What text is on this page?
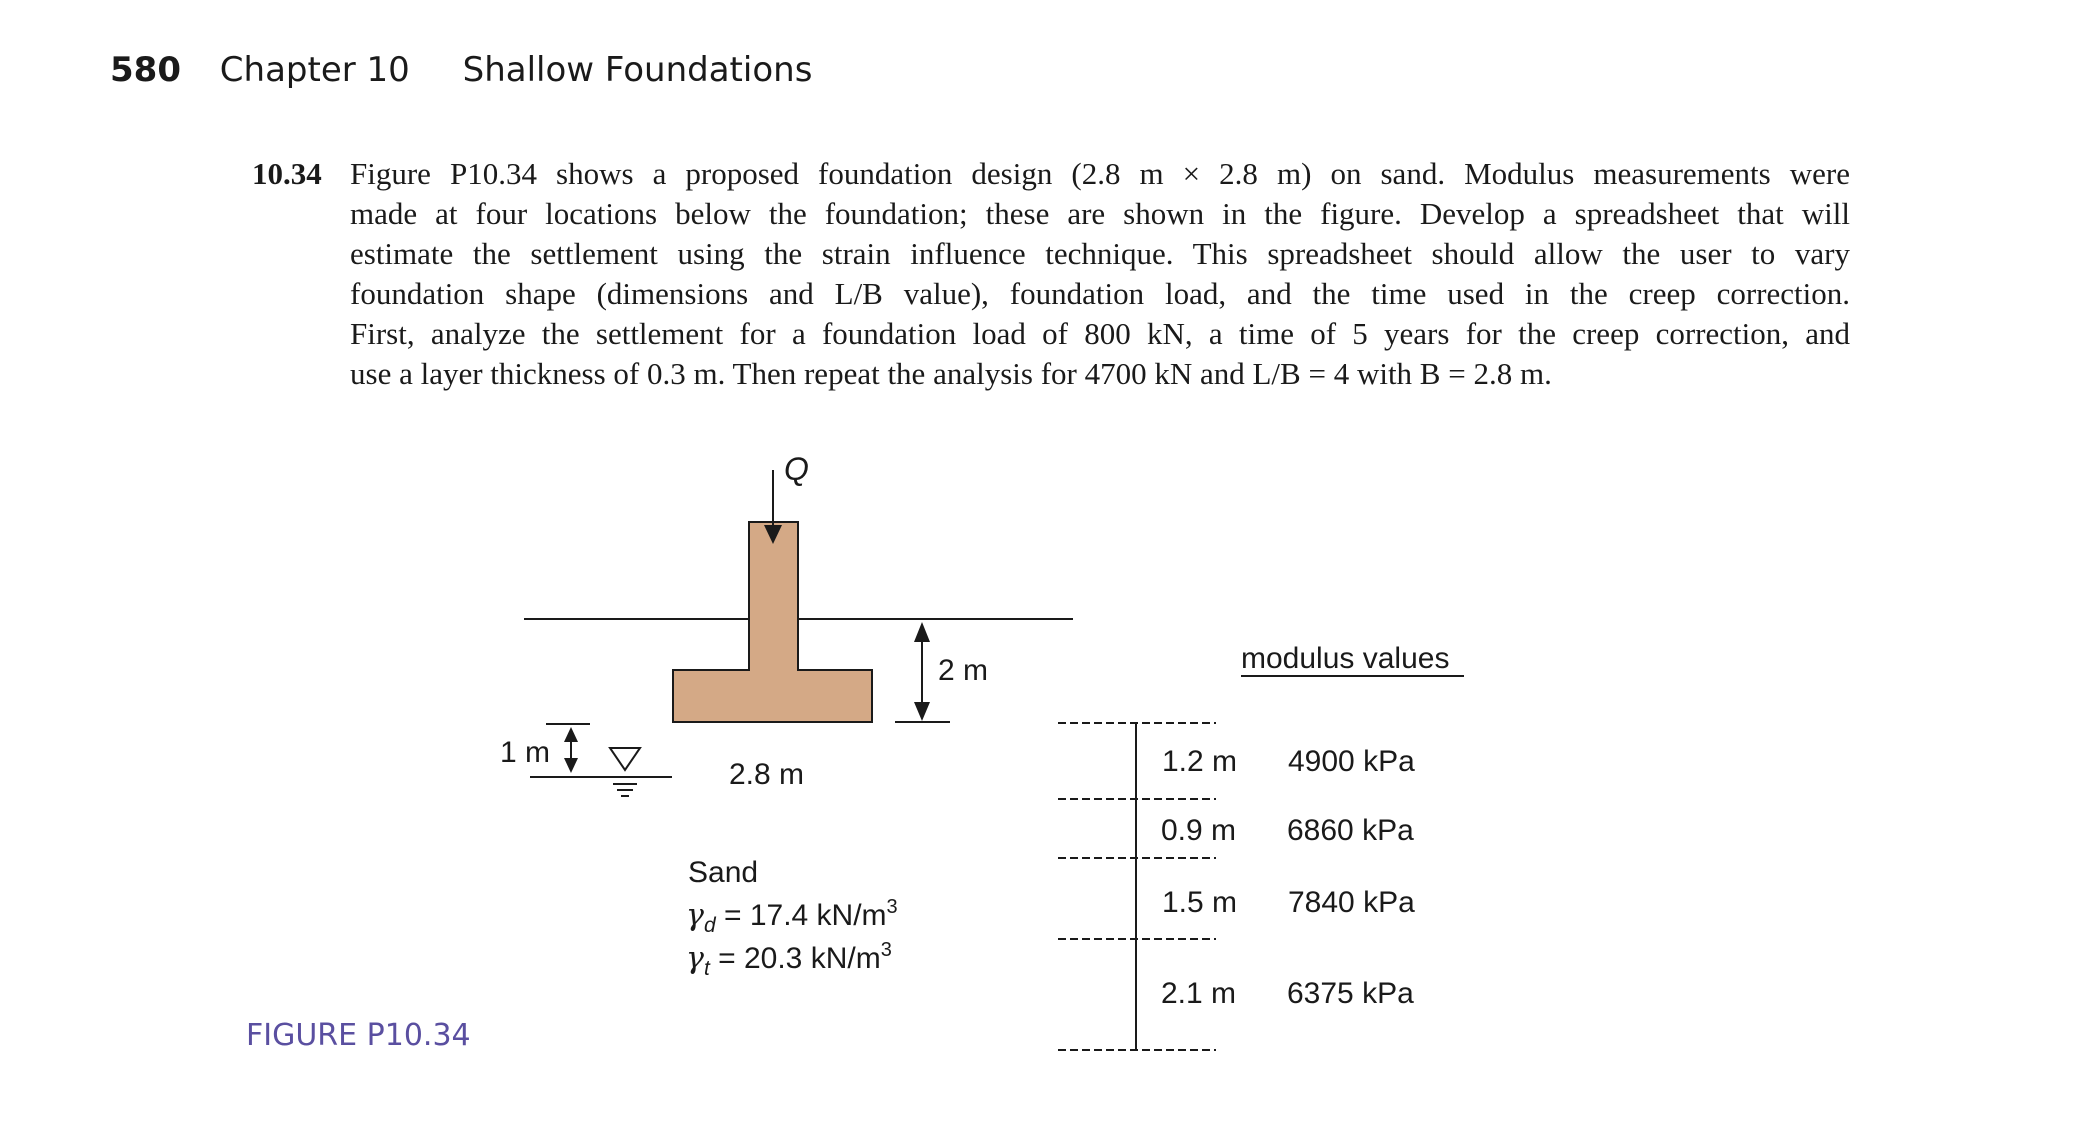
580 Chapter 10 Shallow Foundations
10.34 Figure P10.34 shows a proposed foundation design (2.8 m × 2.8 m) on sand. Modulus measurements were
made at four locations below the foundation; these are shown in the figure. Develop a spreadsheet that will
estimate the settlement using the strain influence technique. This spreadsheet should allow the user to vary
foundation shape (dimensions and L/B value), foundation load, and the time used in the creep correction.
First, analyze the settlement for a foundation load of 800 kN, a time of 5 years for the creep correction, and
use a layer thickness of 0.3 m. Then repeat the analysis for 4700 kN and L/B = 4 with B = 2.8 m.
Q
2 m
1 m
2.8 m
Sand
$\gamma_d = 17.4$ $kN/m^3$
$\gamma_t = 20.3$ $kN/m^3$
modulus values
1.2 m 4900 kPa
0.9 m 6860 kPa
1.5 m 7840 kPa
2.1 m 6375 kPa
FIGURE P10.34
